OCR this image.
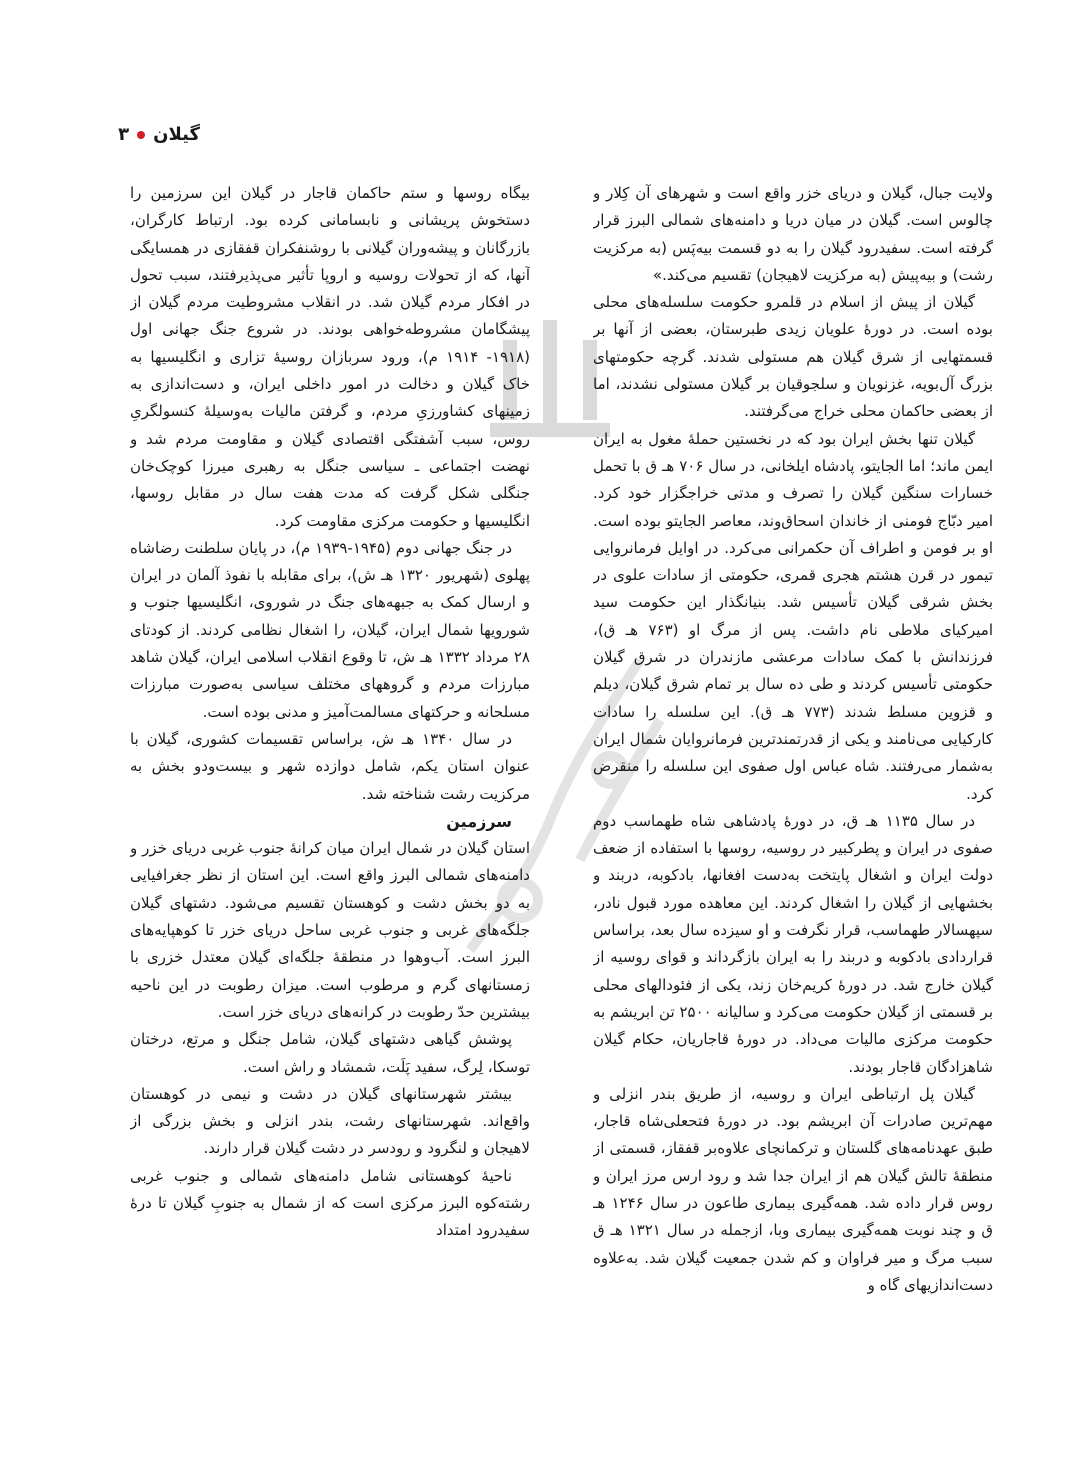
گیلان
۳

ولایت جبال، گیلان و دریای خزر واقع است و شهرهای آن کِلار و چالوس است. گیلان در میان دریا و دامنه‌های شمالی البرز قرار گرفته است. سفیدرود گیلان را به دو قسمت بیه‌پَس (به مرکزیت رشت) و بیه‌پیش (به مرکزیت لاهیجان) تقسیم می‌کند.»

گیلان از پیش از اسلام در قلمرو حکومت سلسله‌های محلی بوده است. در دورهٔ علویان زیدی طبرستان، بعضی از آنها بر قسمتهایی از شرق گیلان هم مستولی شدند. گرچه حکومتهای بزرگ آل‌بویه، غزنویان و سلجوقیان بر گیلان مستولی نشدند، اما از بعضی حاکمان محلی خراج می‌گرفتند.

گیلان تنها بخش ایران بود که در نخستین حملهٔ مغول به ایران ایمن ماند؛ اما الجایتو، پادشاه ایلخانی، در سال ۷۰۶ هـ ق با تحمل خسارات سنگین گیلان را تصرف و مدتی خراجگزار خود کرد. امیر دبّاج فومنی از خاندان اسحاق‌وند، معاصر الجایتو بوده است. او بر فومن و اطراف آن حکمرانی می‌کرد. در اوایل فرمانروایی تیمور در قرن هشتم هجری قمری، حکومتی از سادات علوی در بخش شرقی گیلان تأسیس شد. بنیانگذار این حکومت سید امیرکیای ملاطی نام داشت. پس از مرگ او (۷۶۳ هـ ق)، فرزندانش با کمک سادات مرعشی مازندران در شرق گیلان حکومتی تأسیس کردند و طی ده سال بر تمام شرق گیلان، دیلم و قزوین مسلط شدند (۷۷۳ هـ ق). این سلسله را سادات کارکیایی می‌نامند و یکی از قدرتمندترین فرمانروایان شمال ایران به‌شمار می‌رفتند. شاه عباس اول صفوی این سلسله را منقرض کرد.

در سال ۱۱۳۵ هـ ق، در دورهٔ پادشاهی شاه طهماسب دوم صفوی در ایران و پطرکبیر در روسیه، روسها با استفاده از ضعف دولت ایران و اشغال پایتخت به‌دست افغانها، بادکوبه، دربند و بخشهایی از گیلان را اشغال کردند. این معاهده مورد قبول نادر، سپهسالار طهماسب، قرار نگرفت و او سیزده سال بعد، براساس قراردادی بادکوبه و دربند را به ایران بازگرداند و قوای روسیه از گیلان خارج شد. در دورهٔ کریم‌خان زند، یکی از فئودالهای محلی بر قسمتی از گیلان حکومت می‌کرد و سالیانه ۲۵۰۰ تن ابریشم به حکومت مرکزی مالیات می‌داد. در دورهٔ قاجاریان، حکام گیلان شاهزادگان قاجار بودند.

گیلان پل ارتباطی ایران و روسیه، از طریق بندر انزلی و مهم‌ترین صادرات آن ابریشم بود. در دورهٔ فتحعلی‌شاه قاجار، طبق عهدنامه‌های گلستان و ترکمانچای علاوه‌بر قفقاز، قسمتی از منطقهٔ تالش گیلان هم از ایران جدا شد و رود ارس مرز ایران و روس قرار داده شد. همه‌گیری بیماری طاعون در سال ۱۲۴۶ هـ ق و چند نوبت همه‌گیری بیماری وبا، ازجمله در سال ۱۳۲۱ هـ ق سبب مرگ و میر فراوان و کم شدن جمعیت گیلان شد. به‌علاوه دست‌اندازیهای گاه و

بیگاه روسها و ستم حاکمان قاجار در گیلان این سرزمین را دستخوش پریشانی و نابسامانی کرده بود. ارتباط کارگران، بازرگانان و پیشه‌وران گیلانی با روشنفکران قفقازی در همسایگی آنها، که از تحولات روسیه و اروپا تأثیر می‌پذیرفتند، سبب تحول در افکار مردم گیلان شد. در انقلاب مشروطیت مردم گیلان از پیشگامان مشروطه‌خواهی بودند. در شروع جنگ جهانی اول (۱۹۱۸- ۱۹۱۴ م)، ورود سربازان روسیهٔ تزاری و انگلیسیها به خاک گیلان و دخالت در امور داخلی ایران، و دست‌اندازی به زمینهای کشاورزیِ مردم، و گرفتن مالیات به‌وسیلهٔ کنسولگریِ روس، سبب آشفتگی اقتصادی گیلان و مقاومت مردم شد و نهضت اجتماعی ـ سیاسی جنگل به رهبری میرزا کوچک‌خان جنگلی شکل گرفت که مدت هفت سال در مقابل روسها، انگلیسیها و حکومت مرکزی مقاومت کرد.

در جنگ جهانی دوم (۱۹۴۵-۱۹۳۹ م)، در پایان سلطنت رضاشاه پهلوی (شهریور ۱۳۲۰ هـ ش)، برای مقابله با نفوذ آلمان در ایران و ارسال کمک به جبهه‌های جنگ در شوروی، انگلیسیها جنوب و شورویها شمال ایران، گیلان، را اشغال نظامی کردند. از کودتای ۲۸ مرداد ۱۳۳۲ هـ ش، تا وقوع انقلاب اسلامی ایران، گیلان شاهد مبارزات مردم و گروههای مختلف سیاسی به‌صورت مبارزات مسلحانه و حرکتهای مسالمت‌آمیز و مدنی بوده است.

در سال ۱۳۴۰ هـ ش، براساس تقسیمات کشوری، گیلان با عنوان استان یکم، شامل دوازده شهر و بیست‌ودو بخش به مرکزیت رشت شناخته شد.

سرزمین

استان گیلان در شمال ایران میان کرانهٔ جنوب غربی دریای خزر و دامنه‌های شمالی البرز واقع است. این استان از نظر جغرافیایی به دو بخش دشت و کوهستان تقسیم می‌شود. دشتهای گیلان جلگه‌های غربی و جنوب غربی ساحل دریای خزر تا کوهپایه‌های البرز است. آب‌وهوا در منطقهٔ جلگه‌ای گیلان معتدل خزری با زمستانهای گرم و مرطوب است. میزان رطوبت در این ناحیه بیشترین حدّ رطوبت در کرانه‌های دریای خزر است.

پوشش گیاهی دشتهای گیلان، شامل جنگل و مرتع، درختان توسکا، لِرگ، سفید پَلَت، شمشاد و راش است.

بیشتر شهرستانهای گیلان در دشت و نیمی در کوهستان واقع‌اند. شهرستانهای رشت، بندر انزلی و بخش بزرگی از لاهیجان و لنگرود و رودسر در دشت گیلان قرار دارند.

ناحیهٔ کوهستانی شامل دامنه‌های شمالی و جنوب غربی رشته‌کوه البرز مرکزی است که از شمال به جنوبِ گیلان تا درهٔ سفیدرود امتداد
